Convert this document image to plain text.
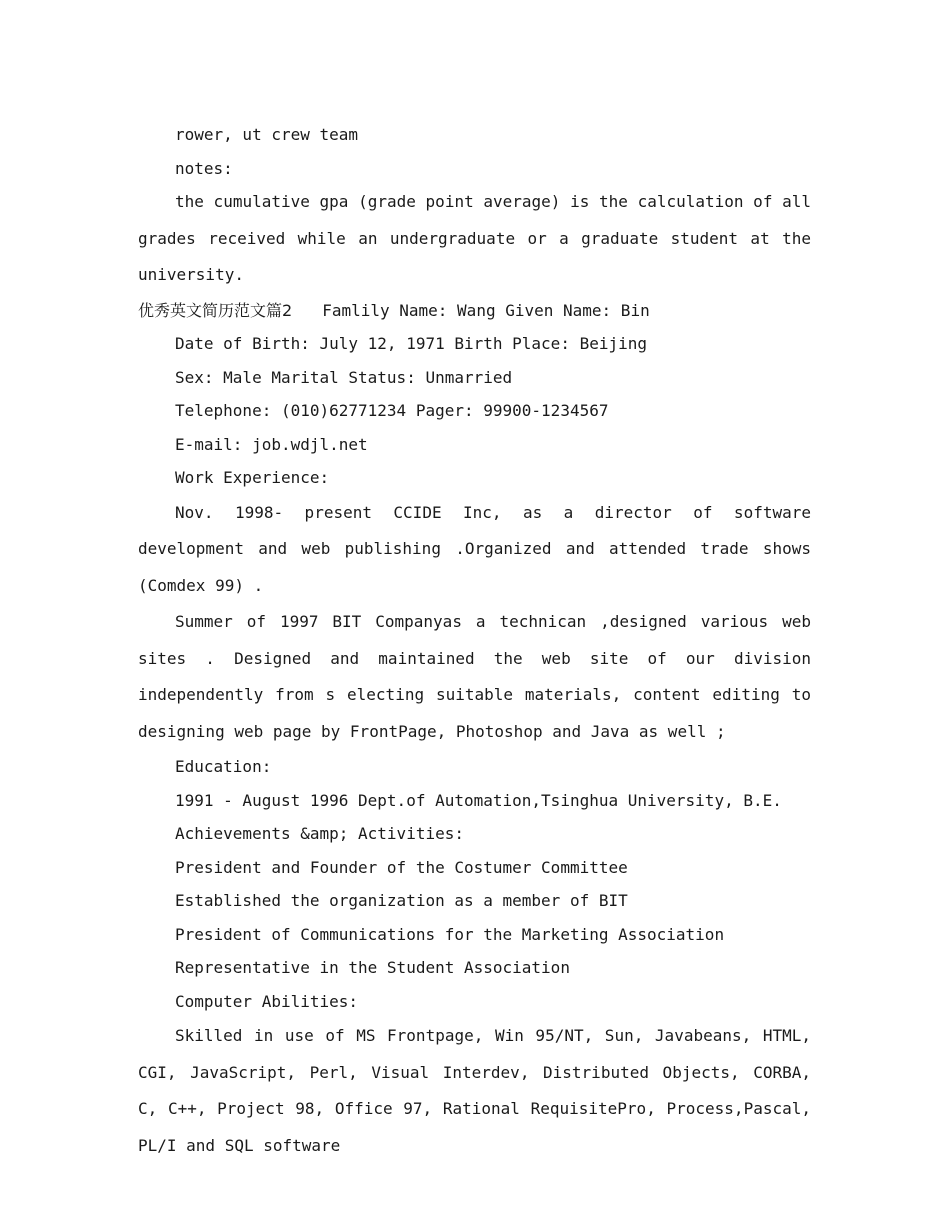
rower, ut crew team

notes:

the cumulative gpa (grade point average) is the calculation of all grades received while an undergraduate or a graduate student at the university.

优秀英文简历范文篇2 Famlily Name: Wang Given Name: Bin

Date of Birth: July 12, 1971 Birth Place: Beijing

Sex: Male Marital Status: Unmarried

Telephone: (010)62771234 Pager: 99900-1234567

E-mail: job.wdjl.net

Work Experience:

Nov. 1998- present CCIDE Inc, as a director of software development and web publishing .Organized and attended trade shows (Comdex 99) .

Summer of 1997 BIT Companyas a technican ,designed various web sites . Designed and maintained the web site of our division independently from s electing suitable materials, content editing to designing web page by FrontPage, Photoshop and Java as well ;

Education:

1991 - August 1996 Dept.of Automation,Tsinghua University, B.E.

Achievements &amp; Activities:

President and Founder of the Costumer Committee

Established the organization as a member of BIT

President of Communications for the Marketing Association

Representative in the Student Association

Computer Abilities:

Skilled in use of MS Frontpage, Win 95/NT, Sun, Javabeans, HTML, CGI, JavaScript, Perl, Visual Interdev, Distributed Objects, CORBA, C, C++, Project 98, Office 97, Rational RequisitePro, Process,Pascal, PL/I and SQL software
